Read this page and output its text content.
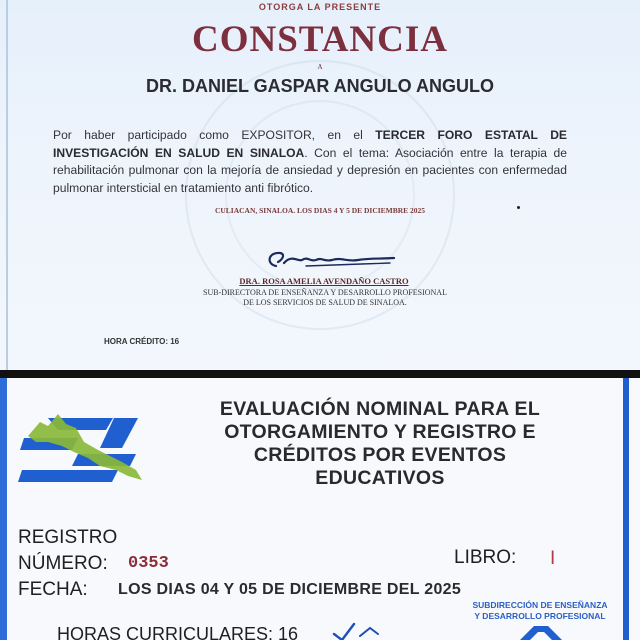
OTORGA LA PRESENTE
CONSTANCIA
A
DR. DANIEL GASPAR ANGULO ANGULO
Por haber participado como EXPOSITOR, en el TERCER FORO ESTATAL DE INVESTIGACIÓN EN SALUD EN SINALOA. Con el tema: Asociación entre la terapia de rehabilitación pulmonar con la mejoría de ansiedad y depresión en pacientes con enfermedad pulmonar intersticial en tratamiento anti fibrótico.
CULIACAN, SINALOA. LOS DIAS 4 Y 5 DE DICIEMBRE 2025
DRA. ROSA AMELIA AVENDAÑO CASTRO
SUB-DIRECTORA DE ENSEÑANZA Y DESARROLLO PROFESIONAL
DE LOS SERVICIOS DE SALUD DE SINALOA.
HORA CRÉDITO: 16
EVALUACIÓN NOMINAL PARA EL
OTORGAMIENTO Y REGISTRO E
CRÉDITOS POR EVENTOS
EDUCATIVOS
REGISTRO
NÚMERO: 0353	LIBRO: I
FECHA: LOS DIAS 04 Y 05 DE DICIEMBRE DEL 2025
SUBDIRECCIÓN DE ENSEÑANZA
Y DESARROLLO PROFESIONAL
HORAS CURRICULARES: 16
